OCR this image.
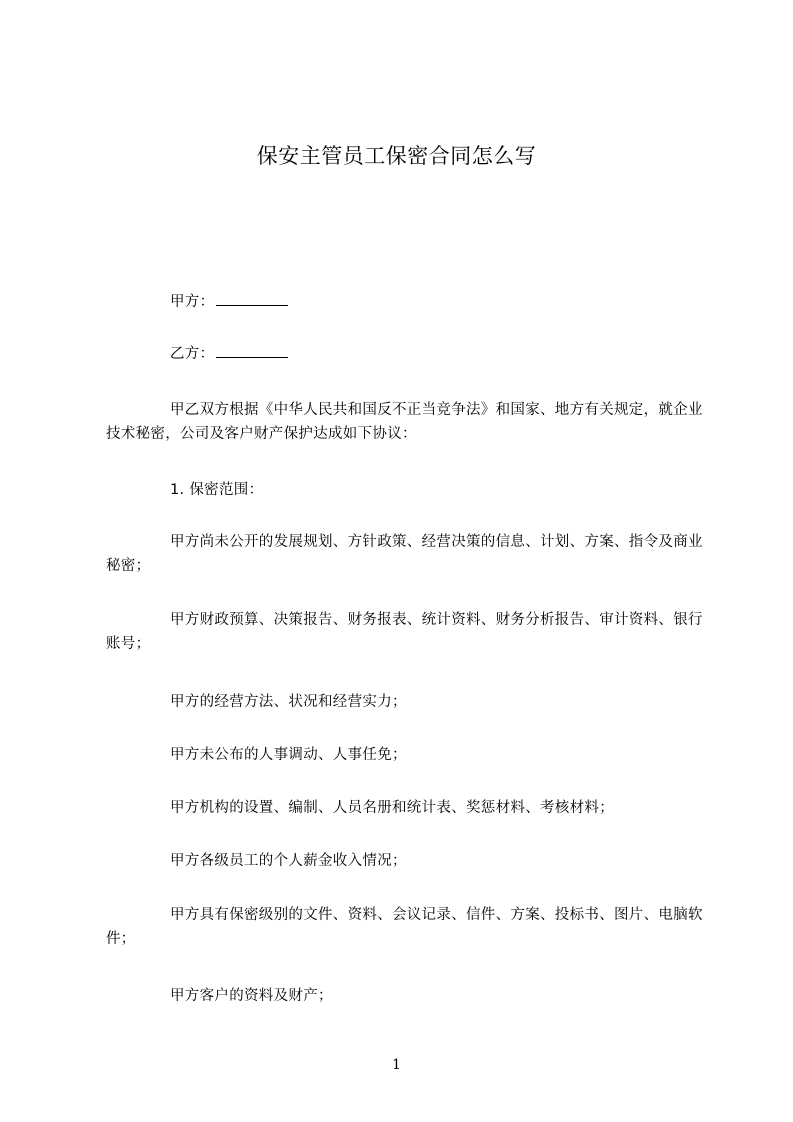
保安主管员工保密合同怎么写
甲方：
乙方：
甲乙双方根据《中华人民共和国反不正当竞争法》和国家、地方有关规定，就企业技术秘密，公司及客户财产保护达成如下协议：
1. 保密范围：
甲方尚未公开的发展规划、方针政策、经营决策的信息、计划、方案、指令及商业秘密；
甲方财政预算、决策报告、财务报表、统计资料、财务分析报告、审计资料、银行账号；
甲方的经营方法、状况和经营实力；
甲方未公布的人事调动、人事任免；
甲方机构的设置、编制、人员名册和统计表、奖惩材料、考核材料；
甲方各级员工的个人薪金收入情况；
甲方具有保密级别的文件、资料、会议记录、信件、方案、投标书、图片、电脑软件；
甲方客户的资料及财产；
1
